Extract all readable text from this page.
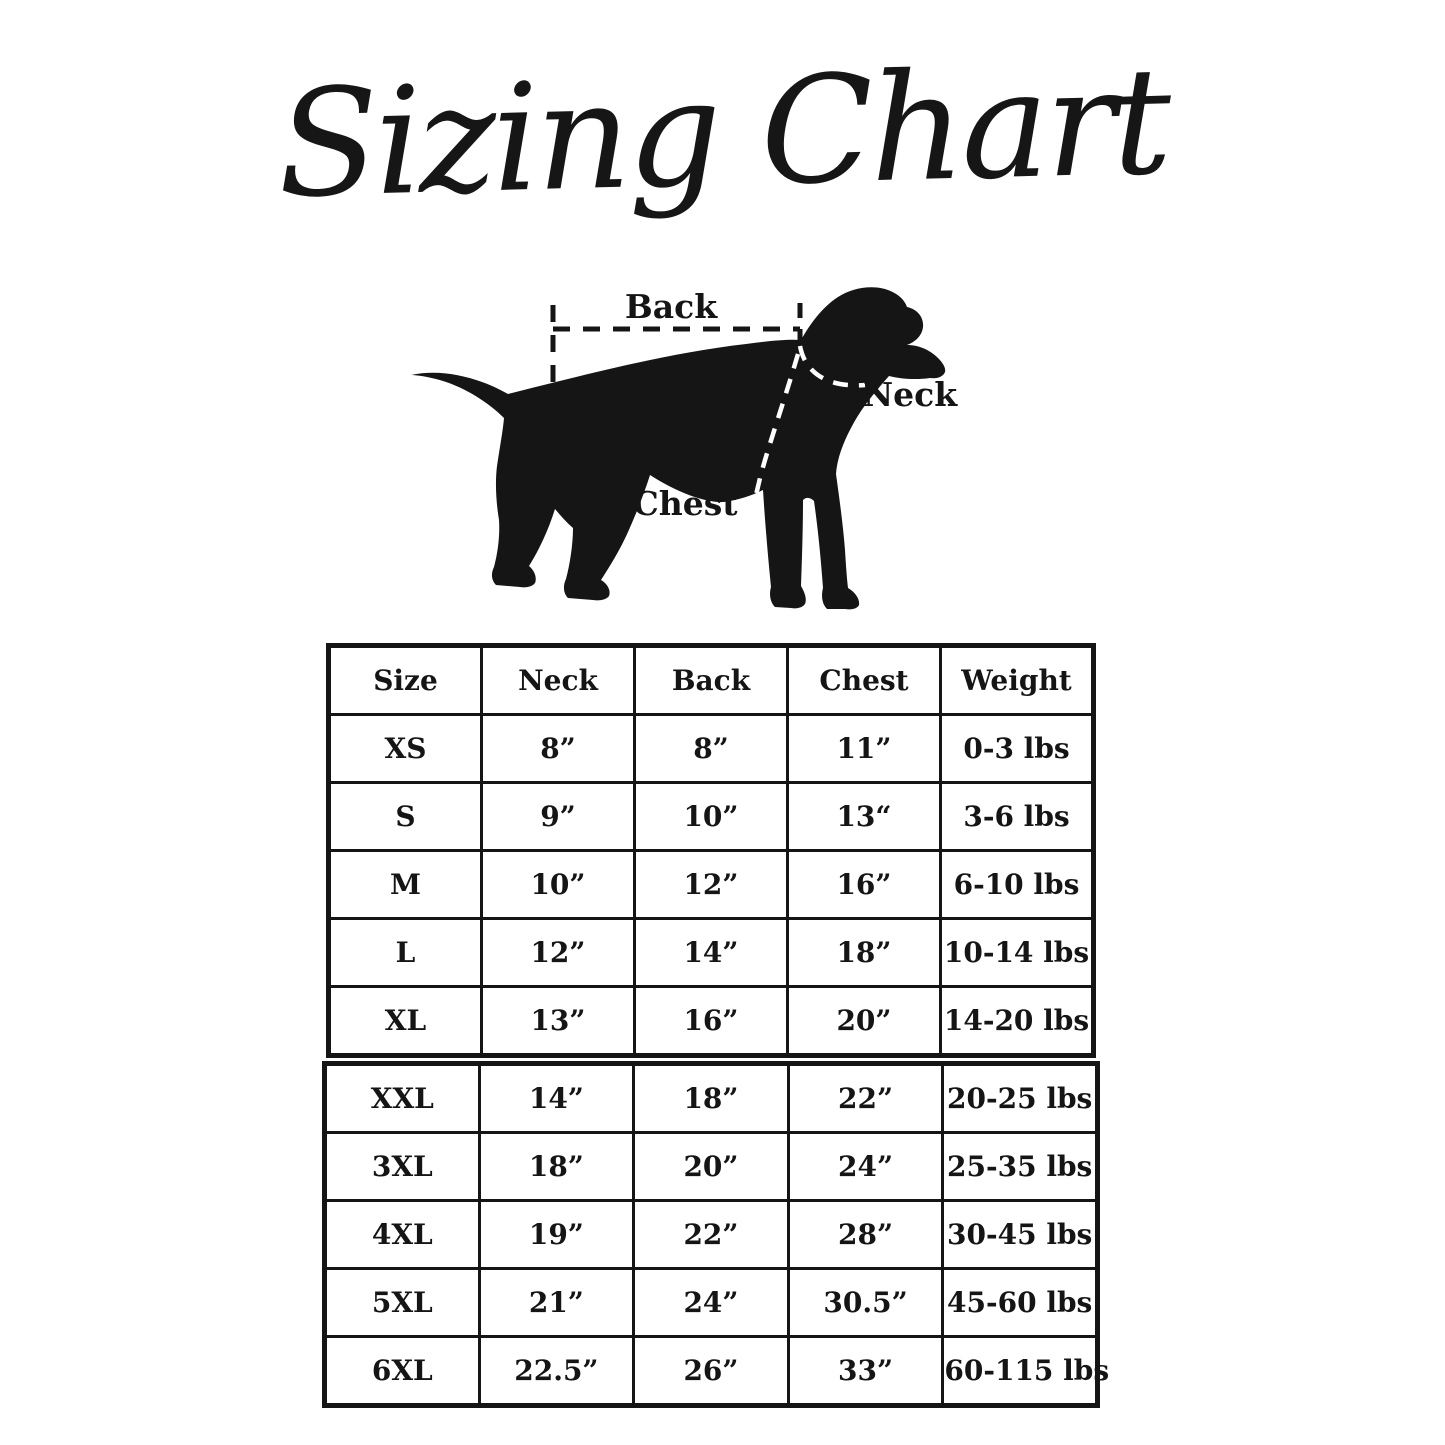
Sizing Chart
Back
Neck
Chest
Size	Neck	Back	Chest	Weight
XS	8”	8”	11”	0-3 lbs
S	9”	10”	13“	3-6 lbs
M	10”	12”	16”	6-10 lbs
L	12”	14”	18”	10-14 lbs
XL	13”	16”	20”	14-20 lbs
XXL	14”	18”	22”	20-25 lbs
3XL	18”	20”	24”	25-35 lbs
4XL	19”	22”	28”	30-45 lbs
5XL	21”	24”	30.5”	45-60 lbs
6XL	22.5”	26”	33”	60-115 lbs
